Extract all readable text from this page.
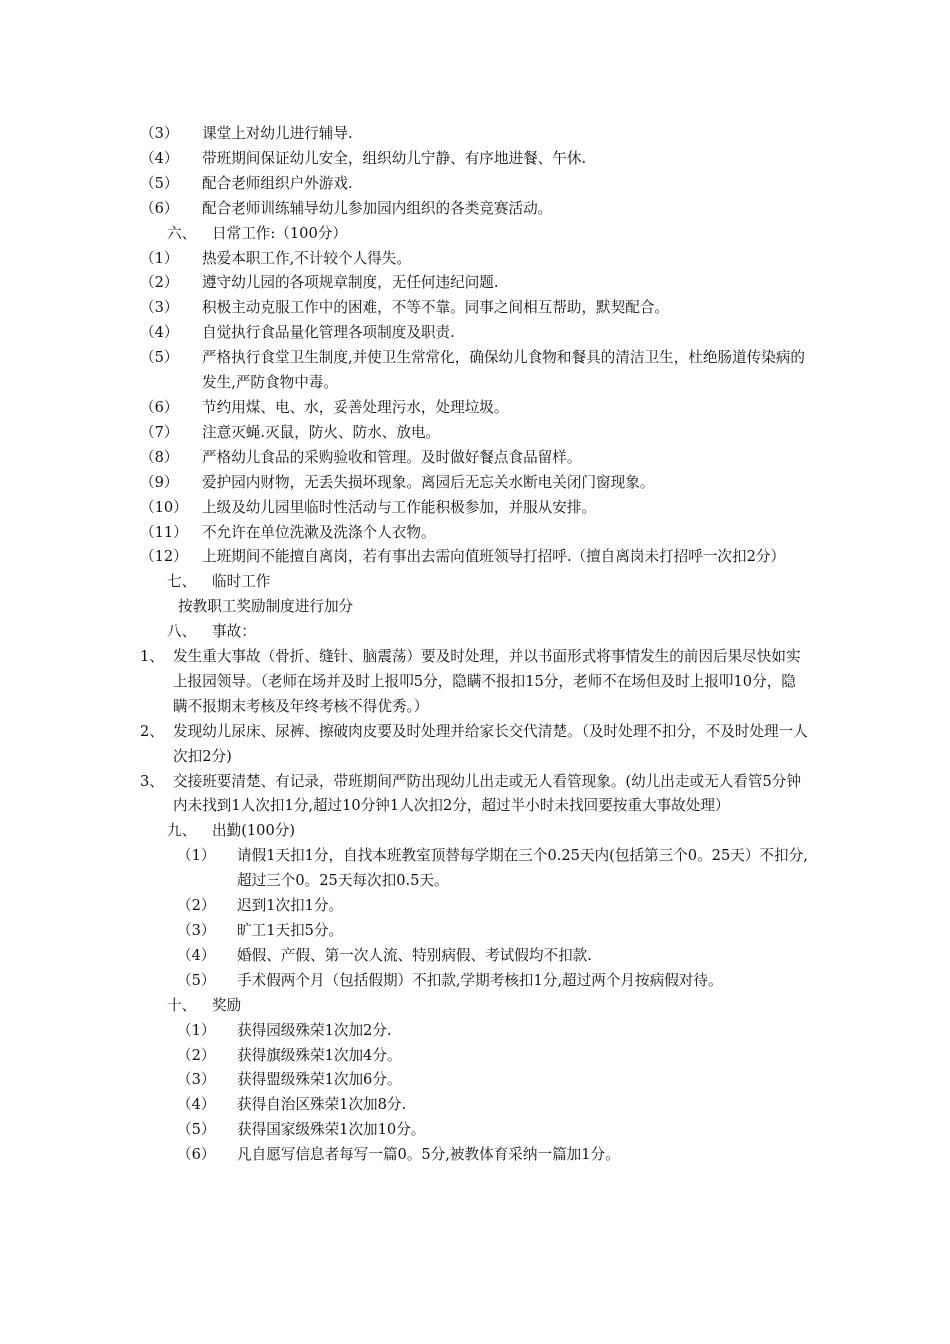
（3）	课堂上对幼儿进行辅导.
（4）	带班期间保证幼儿安全，组织幼儿宁静、有序地进餐、午休.
（5）	配合老师组织户外游戏.
（6）	配合老师训练辅导幼儿参加园内组织的各类竞赛活动。
六、	日常工作:（100分）
（1）	热爱本职工作,不计较个人得失。
（2）	遵守幼儿园的各项规章制度，无任何违纪问题.
（3）	积极主动克服工作中的困难，不等不靠。同事之间相互帮助，默契配合。
（4）	自觉执行食品量化管理各项制度及职责.
（5）	严格执行食堂卫生制度,并使卫生常常化，确保幼儿食物和餐具的清洁卫生，杜绝肠道传染病的发生,严防食物中毒。
（6）	节约用煤、电、水，妥善处理污水，处理垃圾。
（7）	注意灭蝇.灭鼠，防火、防水、放电。
（8）	严格幼儿食品的采购验收和管理。及时做好餐点食品留样。
（9）	爱护园内财物，无丢失损坏现象。离园后无忘关水断电关闭门窗现象。
（10） 上级及幼儿园里临时性活动与工作能积极参加，并服从安排。
（11） 不允许在单位洗漱及洗涤个人衣物。
（12） 上班期间不能擅自离岗，若有事出去需向值班领导打招呼.（擅自离岗未打招呼一次扣2分）
七、	临时工作
按教职工奖励制度进行加分
八、	事故：
1、 发生重大事故（骨折、缝针、脑震荡）要及时处理，并以书面形式将事情发生的前因后果尽快如实上报园领导。（老师在场并及时上报叩5分，隐瞒不报扣15分，老师不在场但及时上报叩10分，隐瞒不报期末考核及年终考核不得优秀。）
2、 发现幼儿尿床、尿裤、擦破肉皮要及时处理并给家长交代清楚。（及时处理不扣分，不及时处理一人次扣2分)
3、 交接班要清楚、有记录，带班期间严防出现幼儿出走或无人看管现象。(幼儿出走或无人看管5分钟内未找到1人次扣1分,超过10分钟1人次扣2分，超过半小时未找回要按重大事故处理）
九、	出勤(100分)
（1）	请假1天扣1分，自找本班教室顶替每学期在三个0.25天内(包括第三个0。25天）不扣分,超过三个0。25天每次扣0.5天。
（2）	迟到1次扣1分。
（3）	旷工1天扣5分。
（4）	婚假、产假、第一次人流、特别病假、考试假均不扣款.
（5）	手术假两个月（包括假期）不扣款,学期考核扣1分,超过两个月按病假对待。
十、	奖励
（1）	获得园级殊荣1次加2分.
（2）	获得旗级殊荣1次加4分。
（3）	获得盟级殊荣1次加6分。
（4）	获得自治区殊荣1次加8分.
（5）	获得国家级殊荣1次加10分。
（6）	凡自愿写信息者每写一篇0。5分,被教体育采纳一篇加1分。
